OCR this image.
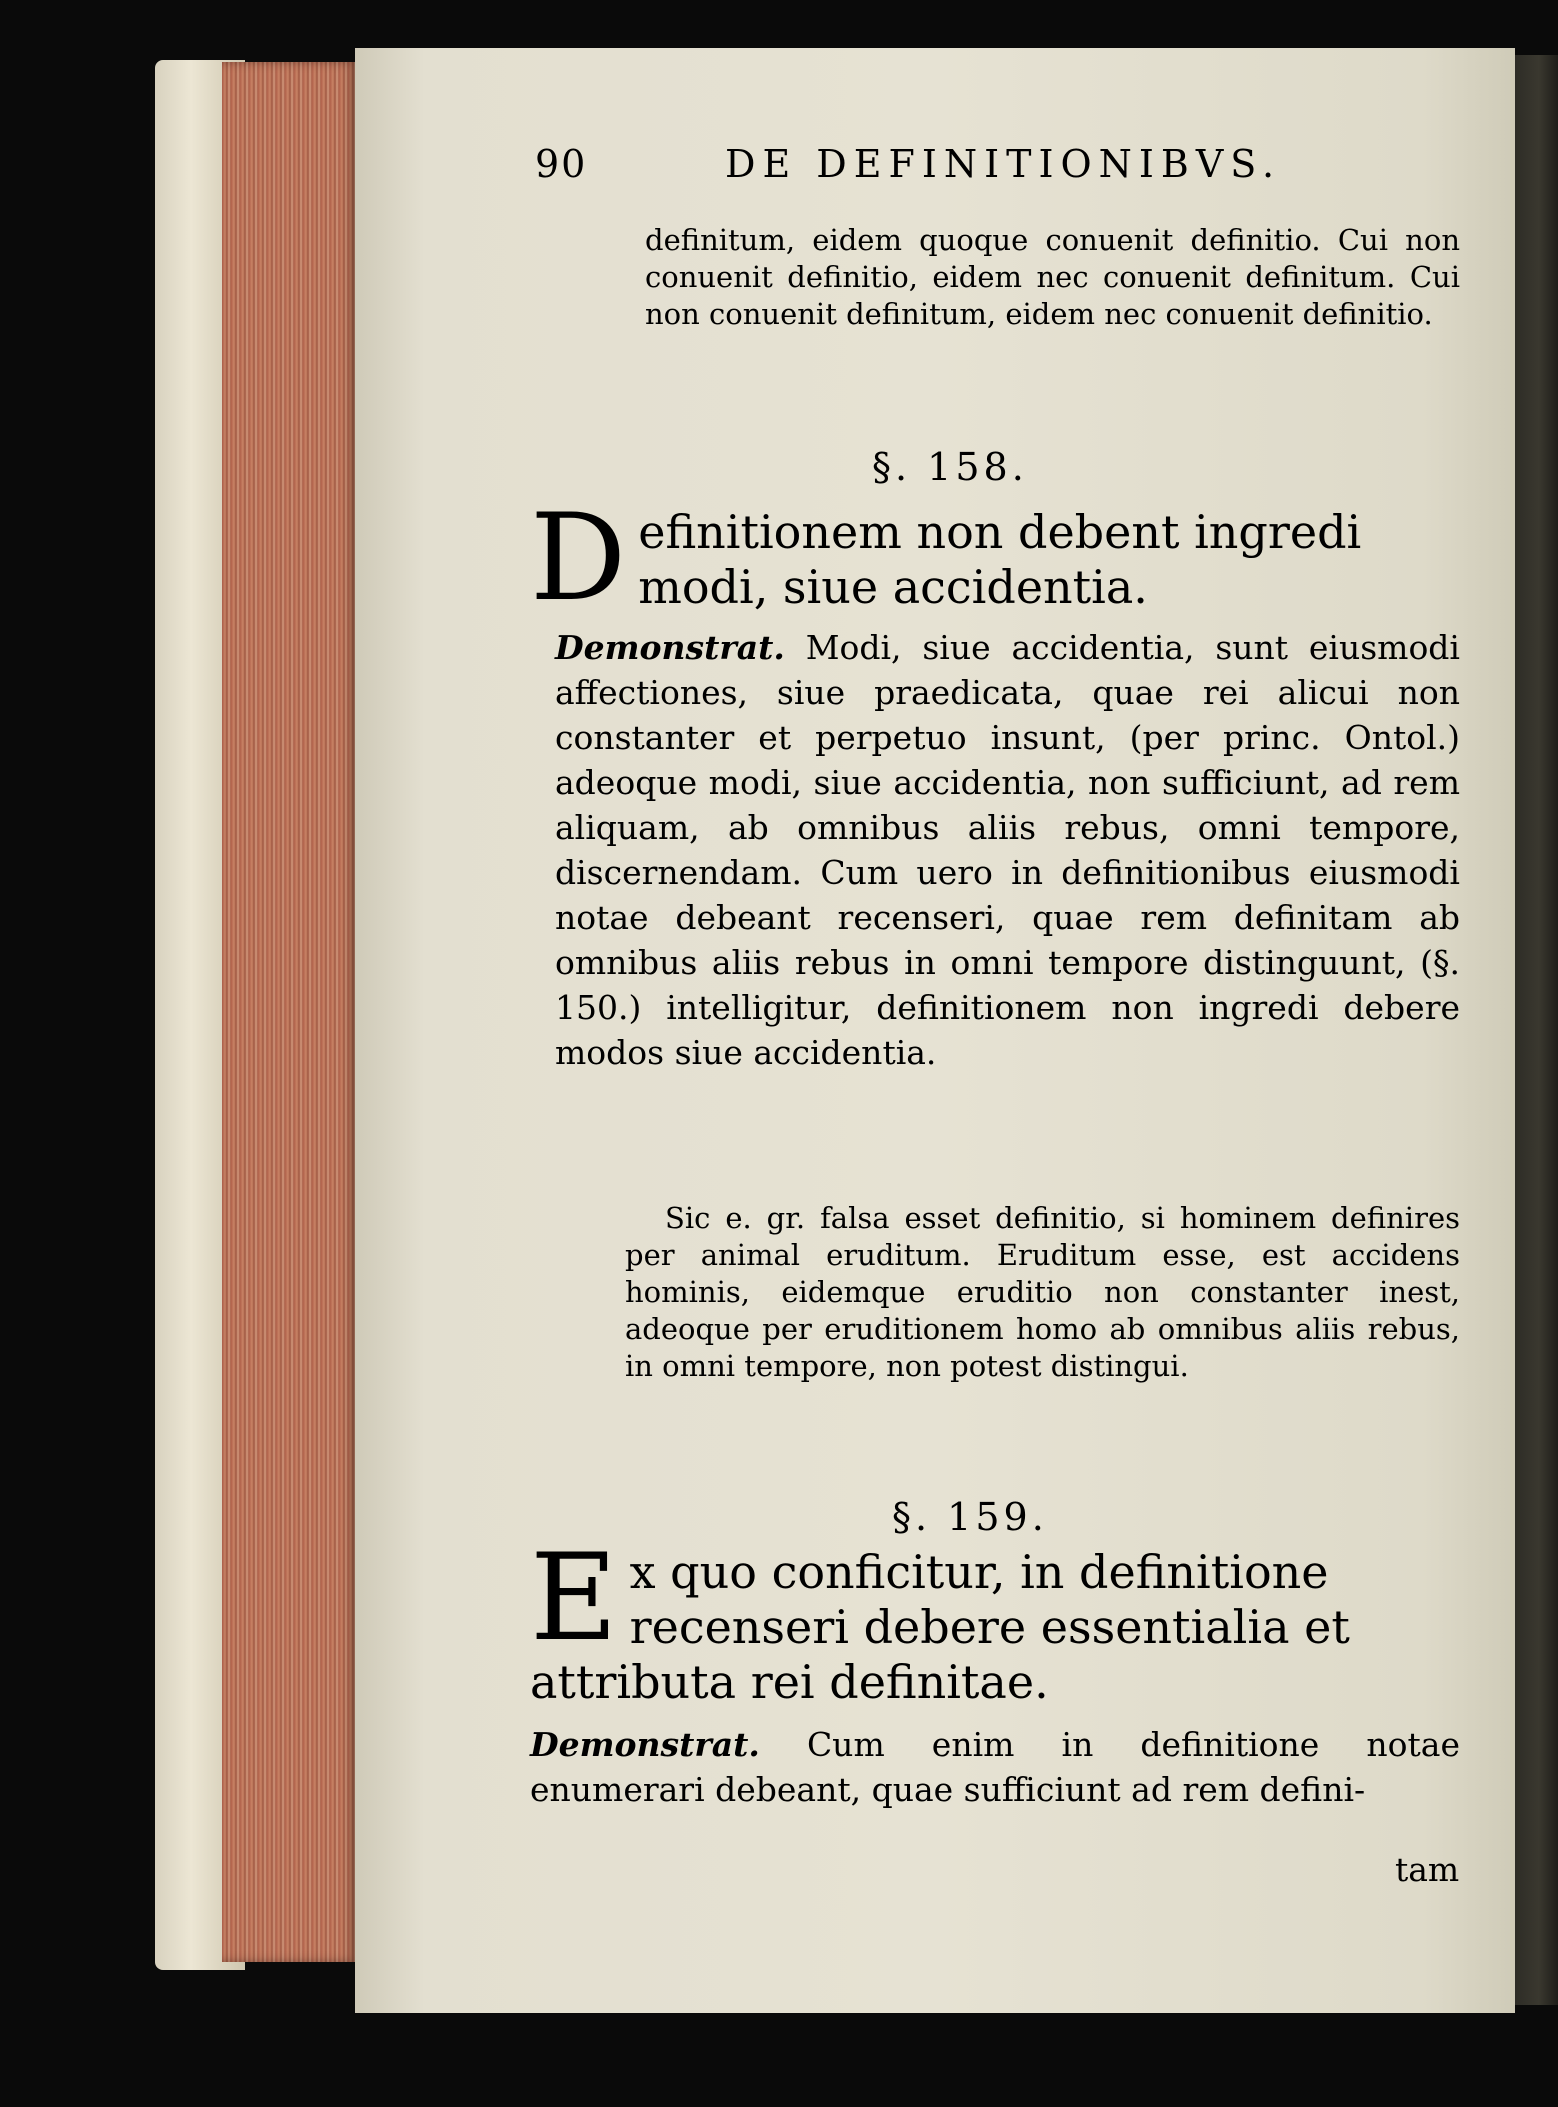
90	DE DEFINITIONIBVS.
definitum, eidem quoque conuenit definitio. Cui non conuenit definitio, eidem nec conuenit definitum. Cui non conuenit definitum, eidem nec conuenit definitio.
§. 158.
Definitionem non debent ingredi modi, siue accidentia.
Demonstrat. Modi, siue accidentia, sunt eiusmodi affectiones, siue praedicata, quae rei alicui non constanter et perpetuo insunt, (per princ. Ontol.) adeoque modi, siue accidentia, non sufficiunt, ad rem aliquam, ab omnibus aliis rebus, omni tempore, discernendam. Cum uero in definitionibus eiusmodi notae debeant recenseri, quae rem definitam ab omnibus aliis rebus in omni tempore distinguunt, (§. 150.) intelligitur, definitionem non ingredi debere modos siue accidentia.
Sic e. gr. falsa esset definitio, si hominem definires per animal eruditum. Eruditum esse, est accidens hominis, eidemque eruditio non constanter inest, adeoque per eruditionem homo ab omnibus aliis rebus, in omni tempore, non potest distingui.
§. 159.
Ex quo conficitur, in definitione recenseri debere essentialia et attributa rei definitae.
Demonstrat. Cum enim in definitione notae enumerari debeant, quae sufficiunt ad rem defini-
tam
